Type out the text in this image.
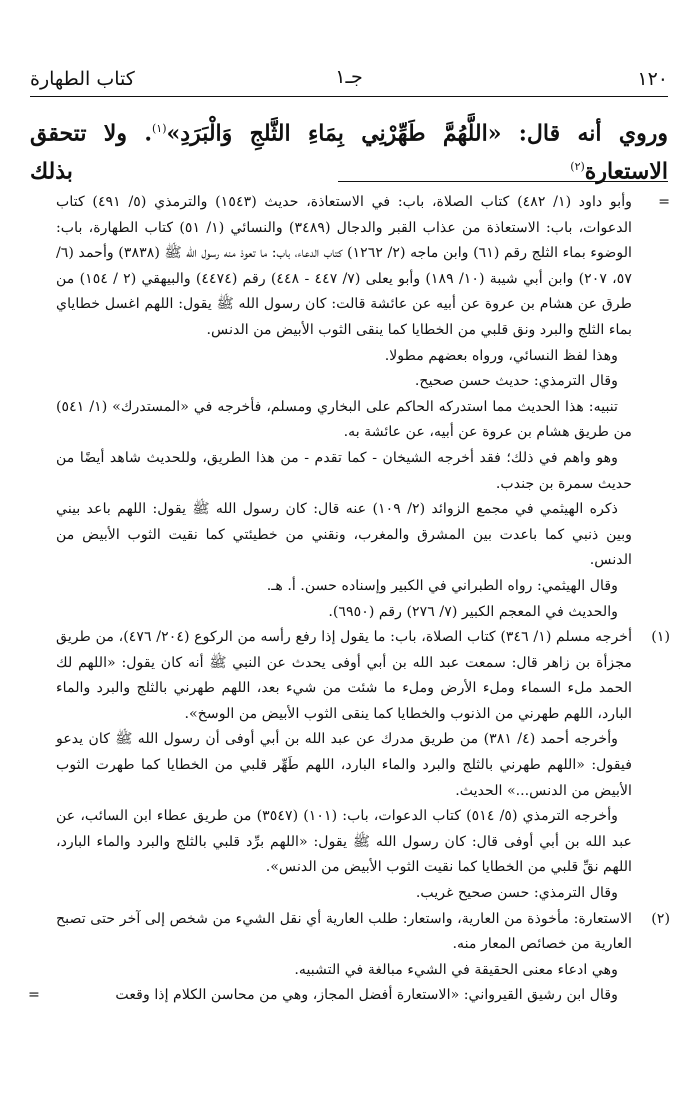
كتاب الطهارة	جـ١	١٢٠
وروي أنه قال: «اللَّهُمَّ طَهِّرْنِي بِمَاءِ الثَّلجِ وَالْبَرَدِ»$^{(١)}$. ولا تتحقق الاستعارة$^{(٢)}$ بذلك
=

وأبو داود (١/ ٤٨٢) كتاب الصلاة، باب: في الاستعاذة، حديث (١٥٤٣) والترمذي (٥/ ٤٩١) كتاب الدعوات، باب: الاستعاذة من عذاب القبر والدجال (٣٤٨٩) والنسائي (١/ ٥١) كتاب الطهارة، باب: الوضوء بماء الثلج رقم (٦١) وابن ماجه (٢/ ١٢٦٢) كتاب الدعاء، باب: ما تعوذ منه رسول الله ﷺ (٣٨٣٨) وأحمد (٦/ ٥٧، ٢٠٧) وابن أبي شيبة (١٠/ ١٨٩) وأبو يعلى (٧/ ٤٤٧ - ٤٤٨) رقم (٤٤٧٤) والبيهقي (٢ / ١٥٤) من طرق عن هشام بن عروة عن أبيه عن عائشة قالت: كان رسول الله ﷺ يقول: اللهم اغسل خطاياي بماء الثلج والبرد ونق قلبي من الخطايا كما ينقى الثوب الأبيض من الدنس.

وهذا لفظ النسائي، ورواه بعضهم مطولا.

وقال الترمذي: حديث حسن صحيح.

تنبيه: هذا الحديث مما استدركه الحاكم على البخاري ومسلم، فأخرجه في «المستدرك» (١/ ٥٤١) من طريق هشام بن عروة عن أبيه، عن عائشة به.

وهو واهم في ذلك؛ فقد أخرجه الشيخان - كما تقدم - من هذا الطريق، وللحديث شاهد أيضًا من حديث سمرة بن جندب.

ذكره الهيثمي في مجمع الزوائد (٢/ ١٠٩) عنه قال: كان رسول الله ﷺ يقول: اللهم باعد بيني وبين ذنبي كما باعدت بين المشرق والمغرب، ونقني من خطيئتي كما نقيت الثوب الأبيض من الدنس.

وقال الهيثمي: رواه الطبراني في الكبير وإسناده حسن. أ. هـ.

والحديث في المعجم الكبير (٧/ ٢٧٦) رقم (٦٩٥٠).

(١)

أخرجه مسلم (١/ ٣٤٦) كتاب الصلاة، باب: ما يقول إذا رفع رأسه من الركوع (٢٠٤/ ٤٧٦)، من طريق مجزأة بن زاهر قال: سمعت عبد الله بن أبي أوفى يحدث عن النبي ﷺ أنه كان يقول: «اللهم لك الحمد ملء السماء وملء الأرض وملء ما شئت من شيء بعد، اللهم طهرني بالثلج والبرد والماء البارد، اللهم طهرني من الذنوب والخطايا كما ينقى الثوب الأبيض من الوسخ».

وأخرجه أحمد (٤/ ٣٨١) من طريق مدرك عن عبد الله بن أبي أوفى أن رسول الله ﷺ كان يدعو فيقول: «اللهم طهرني بالثلج والبرد والماء البارد، اللهم طَهِّر قلبي من الخطايا كما طهرت الثوب الأبيض من الدنس...» الحديث.

وأخرجه الترمذي (٥/ ٥١٤) كتاب الدعوات، باب: (١٠١) (٣٥٤٧) من طريق عطاء ابن السائب، عن عبد الله بن أبي أوفى قال: كان رسول الله ﷺ يقول: «اللهم برِّد قلبي بالثلج والبرد والماء البارد، اللهم نقِّ قلبي من الخطايا كما نقيت الثوب الأبيض من الدنس».

وقال الترمذي: حسن صحيح غريب.

(٢)

الاستعارة: مأخوذة من العارية، واستعار: طلب العارية أي نقل الشيء من شخص إلى آخر حتى تصبح العارية من خصائص المعار منه.

وهي ادعاء معنى الحقيقة في الشيء مبالغة في التشبيه.

وقال ابن رشيق القيرواني: «الاستعارة أفضل المجاز، وهي من محاسن الكلام إذا وقعت

=
